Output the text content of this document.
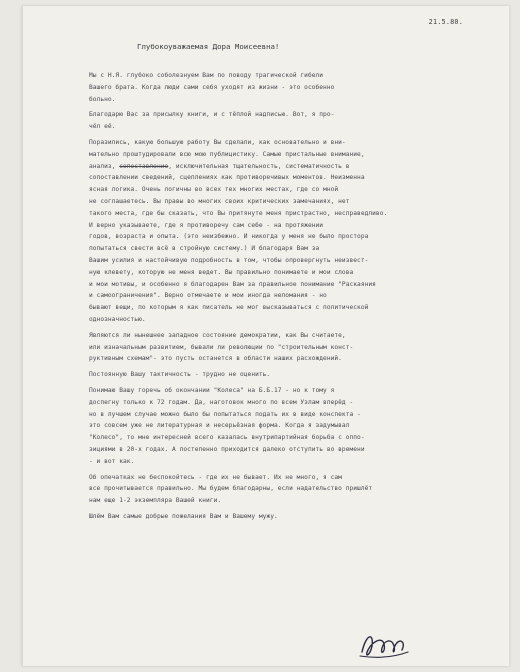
21.5.80.
Глубокоуважаемая Дора Моисеевна!
Мы с Н.Я. глубоко соболезнуем Вам по поводу трагической гибели
Вашего брата. Когда люди сами себя уходят из жизни - это особенно
больно.
Благодарю Вас за присылку книги, и с тёплой надписью. Вот, я про-
чёл её.
Поразились, какую большую работу Вы сделали, как основательно и вни-
мательно проштудировали всю мою публицистику. Самые пристальные внимание,
анализ, сопоставление, исключительная тщательность, систематичность в
сопоставлении сведений, сцеплениях как противоречивых моментов. Неизменна
ясная логика. Очень логичны во всех тех многих местах, где со мной
не соглашаетесь. Вы правы во многих своих критических замечаниях, нет
такого места, где бы сказать, что Вы притянуте меня пристрастно, несправедливо.
И верно указываете, где я противоречу сам себе - на протяжении
годов, возраста и опыта. (это неизбежно. И никогда у меня не было простора
попытаться свести всё в стройную систему.) И благодаря Вам за
Вашим усилия и настойчивую подробность в том, чтобы опровергнуть неизвест-
ную клевету, которую не меня ведет. Вы правильно понимаете и мои слова
и мои мотивы, и особенно я благодарен Вам за правильное понимание "Раскаяния
и самоограничения". Верно отмечаете и мои иногда неломания - но
бывают вещи, по которым я как писатель не мог высказываться с политической
однозначностью.
Являются ли нынешнее западное состояние демократии, как Вы считаете,
или изначальным развитием, бывали ли революции по "строительным конст-
руктивным схемам"- это пусть останется в области наших расхождений.
Постоянную Вашу тактичность - трудно не оценить.
Понимаю Вашу горечь об окончании "Колеса" на Б.Б.17 - но к тому я
доспегну только к 72 годам. Да, наготовок много по всем Узлам вперёд -
но в лучшем случае можно было бы попытаться подать их в виде конспекта -
это совсем уже не литературная и несерьёзная форма. Когда я задумывал
"Колесо", то мне интересней всего казалась внутрипартийная борьба с оппо-
зициями в 20-х годах. А постепенно приходится далеко отступить во времени
- и вот как.
Об опечатках не беспокойтесь - где их не бывает. Их не много, я сам
все прочитывается правильно. Мы будем благодарны, если надательство пришлёт
нам еще 1-2 экземпляра Вашей книги.
Шлём Вам самые добрые пожелания Вам и Вашему мужу.
